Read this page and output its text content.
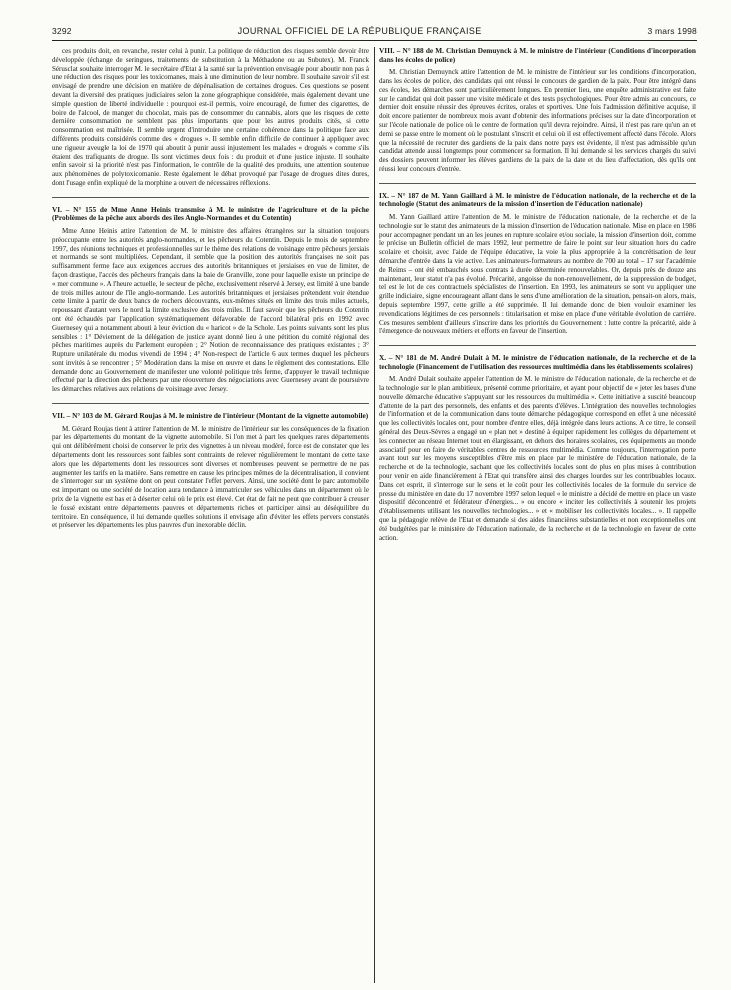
3292	JOURNAL OFFICIEL DE LA RÉPUBLIQUE FRANÇAISE	3 mars 1998

ces produits doit, en revanche, rester celui à punir. La politique de réduction des risques semble devoir être développée (échange de seringues, traitements de substitution à la Méthadone ou au Subutex). M. Franck Sérusclat souhaite interroger M. le secrétaire d'Etat à la santé sur la prévention envisagée pour aboutir non pas à une réduction des risques pour les toxicomanes, mais à une diminution de leur nombre. Il souhaite savoir s'il est envisagé de prendre une décision en matière de dépénalisation de certaines drogues. Ces questions se posent devant la diversité des pratiques judiciaires selon la zone géographique considérée, mais également devant une simple question de liberté individuelle : pourquoi est-il permis, voire encouragé, de fumer des cigarettes, de boire de l'alcool, de manger du chocolat, mais pas de consommer du cannabis, alors que les risques de cette dernière consommation ne semblent pas plus importants que pour les autres produits cités, si cette consommation est maîtrisée. Il semble urgent d'introduire une certaine cohérence dans la politique face aux différents produits considérés comme des « drogues ». Il semble enfin difficile de continuer à appliquer avec une rigueur aveugle la loi de 1970 qui aboutit à punir aussi injustement les malades « drogués » comme s'ils étaient des trafiquants de drogue. Ils sont victimes deux fois : du produit et d'une justice injuste. Il souhaite enfin savoir si la priorité n'est pas l'information, le contrôle de la qualité des produits, une attention soutenue aux phénomènes de polytoxicomanie. Reste également le débat provoqué par l'usage de drogues dites dures, dont l'usage enfin expliqué de la morphine a ouvert de nécessaires réflexions.

VI. – N° 155 de Mme Anne Heinis transmise à M. le ministre de l'agriculture et de la pêche (Problèmes de la pêche aux abords des îles Anglo-Normandes et du Cotentin)

Mme Anne Heinis attire l'attention de M. le ministre des affaires étrangères sur la situation toujours préoccupante entre les autorités anglo-normandes, et les pêcheurs du Cotentin. Depuis le mois de septembre 1997, des réunions techniques et professionnelles sur le thème des relations de voisinage entre pêcheurs jersiais et normands se sont multipliées. Cependant, il semble que la position des autorités françaises ne soit pas suffisamment ferme face aux exigences accrues des autorités britanniques et jersiaises en vue de limiter, de façon drastique, l'accès des pêcheurs français dans la baie de Granville, zone pour laquelle existe un principe de « mer commune ». A l'heure actuelle, le secteur de pêche, exclusivement réservé à Jersey, est limité à une bande de trois milles autour de l'île anglo-normande. Les autorités britanniques et jersiaises prétendent voir étendue cette limite à partir de deux bancs de rochers découvrants, eux-mêmes situés en limite des trois miles actuels, repoussant d'autant vers le nord la limite exclusive des trois miles. Il faut savoir que les pêcheurs du Cotentin ont été échaudés par l'application systématiquement défavorable de l'accord bilatéral pris en 1992 avec Guernesey qui a notamment abouti à leur éviction du « haricot » de la Schole. Les points suivants sont les plus sensibles : 1° Déviement de la délégation de justice ayant donné lieu à une pétition du comité régional des pêches maritimes auprès du Parlement européen ; 2° Notion de reconnaissance des pratiques existantes ; 3° Rupture unilatérale du modus vivendi de 1994 ; 4° Non-respect de l'article 6 aux termes duquel les pêcheurs sont invités à se rencontrer ; 5° Modération dans la mise en œuvre et dans le règlement des contestations. Elle demande donc au Gouvernement de manifester une volonté politique très ferme, d'appuyer le travail technique effectué par la direction des pêcheurs par une réouverture des négociations avec Guernesey avant de poursuivre les démarches relatives aux relations de voisinage avec Jersey.

VII. – N° 103 de M. Gérard Roujas à M. le ministre de l'intérieur (Montant de la vignette automobile)

M. Gérard Roujas tient à attirer l'attention de M. le ministre de l'intérieur sur les conséquences de la fixation par les départements du montant de la vignette automobile. Si l'on met à part les quelques rares départements qui ont délibérément choisi de conserver le prix des vignettes à un niveau modéré, force est de constater que les départements dont les ressources sont faibles sont contraints de relever régulièrement le montant de cette taxe alors que les départements dont les ressources sont diverses et nombreuses peuvent se permettre de ne pas augmenter les tarifs en la matière. Sans remettre en cause les principes mêmes de la décentralisation, il convient de s'interroger sur un système dont on peut constater l'effet pervers. Ainsi, une société dont le parc automobile est important ou une société de location aura tendance à immatriculer ses véhicules dans un département où le prix de la vignette est bas et à déserter celui où le prix est élevé. Cet état de fait ne peut que contribuer à creuser le fossé existant entre départements pauvres et départements riches et participer ainsi au déséquilibre du territoire. En conséquence, il lui demande quelles solutions il envisage afin d'éviter les effets pervers constatés et préserver les départements les plus pauvres d'un inexorable déclin.

VIII. – N° 188 de M. Christian Demuynck à M. le ministre de l'intérieur (Conditions d'incorporation dans les écoles de police)

M. Christian Demuynck attire l'attention de M. le ministre de l'intérieur sur les conditions d'incorporation, dans les écoles de police, des candidats qui ont réussi le concours de gardien de la paix. Pour être intégré dans ces écoles, les démarches sont particulièrement longues. En premier lieu, une enquête administrative est faite sur le candidat qui doit passer une visite médicale et des tests psychologiques. Pour être admis au concours, ce dernier doit ensuite réussir des épreuves écrites, orales et sportives. Une fois l'admission définitive acquise, il doit encore patienter de nombreux mois avant d'obtenir des informations précises sur la date d'incorporation et sur l'école nationale de police où le centre de formation qu'il devra rejoindre. Ainsi, il n'est pas rare qu'un an et demi se passe entre le moment où le postulant s'inscrit et celui où il est effectivement affecté dans l'école. Alors que la nécessité de recruter des gardiens de la paix dans notre pays est évidente, il n'est pas admissible qu'un candidat attende aussi longtemps pour commencer sa formation. Il lui demande si les services chargés du suivi des dossiers peuvent informer les élèves gardiens de la paix de la date et du lieu d'affectation, dès qu'ils ont réussi leur concours d'entrée.

IX. – N° 187 de M. Yann Gaillard à M. le ministre de l'éducation nationale, de la recherche et de la technologie (Statut des animateurs de la mission d'insertion de l'éducation nationale)

M. Yann Gaillard attire l'attention de M. le ministre de l'éducation nationale, de la recherche et de la technologie sur le statut des animateurs de la mission d'insertion de l'éducation nationale. Mise en place en 1986 pour accompagner pendant un an les jeunes en rupture scolaire et/ou sociale, la mission d'insertion doit, comme le précise un Bulletin officiel de mars 1992, leur permettre de faire le point sur leur situation hors du cadre scolaire et choisir, avec l'aide de l'équipe éducative, la voie la plus appropriée à la concrétisation de leur démarche d'entrée dans la vie active. Les animateurs-formateurs au nombre de 700 au total – 17 sur l'académie de Reims – ont été embauchés sous contrats à durée déterminée renouvelables. Or, depuis près de douze ans maintenant, leur statut n'a pas évolué. Précarité, angoisse du non-renouvellement, de la suppression de budget, tel est le lot de ces contractuels spécialistes de l'insertion. En 1993, les animateurs se sont vu appliquer une grille indiciaire, signe encourageant allant dans le sens d'une amélioration de la situation, pensait-on alors, mais, depuis septembre 1997, cette grille a été supprimée. Il lui demande donc de bien vouloir examiner les revendications légitimes de ces personnels : titularisation et mise en place d'une véritable évolution de carrière. Ces mesures semblent d'ailleurs s'inscrire dans les priorités du Gouvernement : lutte contre la précarité, aide à l'émergence de nouveaux métiers et efforts en faveur de l'insertion.

X. – N° 181 de M. André Dulait à M. le ministre de l'éducation nationale, de la recherche et de la technologie (Financement de l'utilisation des ressources multimédia dans les établissements scolaires)

M. André Dulait souhaite appeler l'attention de M. le ministre de l'éducation nationale, de la recherche et de la technologie sur le plan ambitieux, présenté comme prioritaire, et ayant pour objectif de « jeter les bases d'une nouvelle démarche éducative s'appuyant sur les ressources du multimédia ». Cette initiative a suscité beaucoup d'attente de la part des personnels, des enfants et des parents d'élèves. L'intégration des nouvelles technologies de l'information et de la communication dans toute démarche pédagogique correspond en effet à une nécessité que les collectivités locales ont, pour nombre d'entre elles, déjà intégrée dans leurs actions. A ce titre, le conseil général des Deux-Sèvres a engagé un « plan net » destiné à équiper rapidement les collèges du département et les connecter au réseau Internet tout en élargissant, en dehors des horaires scolaires, ces équipements au monde associatif pour en faire de véritables centres de ressources multimédia. Comme toujours, l'interrogation porte avant tout sur les moyens susceptibles d'être mis en place par le ministère de l'éducation nationale, de la recherche et de la technologie, sachant que les collectivités locales sont de plus en plus mises à contribution pour venir en aide financièrement à l'Etat qui transfère ainsi des charges lourdes sur les contribuables locaux. Dans cet esprit, il s'interroge sur le sens et le coût pour les collectivités locales de la formule du service de presse du ministère en date du 17 novembre 1997 selon lequel « le ministre a décidé de mettre en place un vaste dispositif déconcentré et fédérateur d'énergies... » ou encore « inciter les collectivités à soutenir les projets d'établissements utilisant les nouvelles technologies... » et « mobiliser les collectivités locales... ». Il rappelle que la pédagogie relève de l'Etat et demande si des aides financières substantielles et non exceptionnelles ont été budgétées par le ministère de l'éducation nationale, de la recherche et de la technologie en faveur de cette action.
